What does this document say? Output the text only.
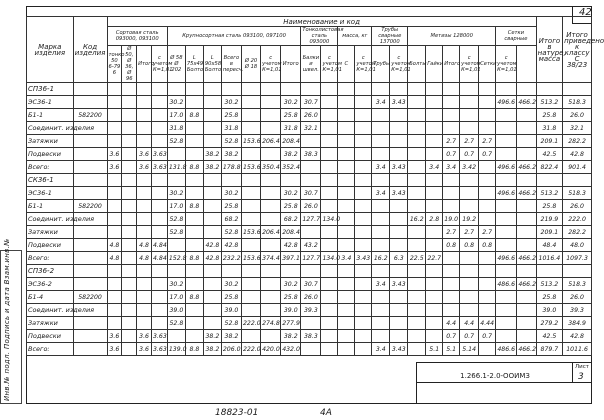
Инв.№ подл. Подпись и дата Взам.инв.№
42
Марка изделия	Код изделия	Наименование и код																								Итого в натуре, масса	Итого приведено к классу С 38/23
		Сортовая сталь 093000, 093100				Крупносортная сталь 093100, 097100							Тонколистовая сталь 093000		масса, кг		Трубы сварные 137000		Метизы 128000					Сетки сварные			
		тонко 50 6-79 6	Ø 50, Ø 36, Ø 96	Итого	с учетом К=1,01	Ø 58 Ø 202	L 75х49 Болто	L 90х58 Болто	Всего в пересч.	Ø 20 Ø 18	с учетом К=1,01	Итого	Балки и швел.	с учетом К=1,01	С	с учетом К=1,01	Трубы	с учетом К=1,01	Болты	Гайки	Итого	с учетом К=1,01	Сетки	с учетом К=1,01			
СП36-1																											
ЭС36-1						30.2			30.2			30.2	30.7				3.4	3.43						496.6	466.2	513.2	518.3
Б1-1	582200					17.0	8.8		25.8			25.8	26.0													25.8	26.0
Соединит. изделия						31.8			31.8			31.8	32.1													31.8	32.1
Затяжки						52.8			52.8	153.6	206.4	208.4									2.7	2.7	2.7			209.1	282.2
Подвески		3.6		3.6	3.63			38.2	38.2			38.2	38.3								0.7	0.7	0.7			42.5	42.8
Всего:		3.6		3.6	3.63	131.8	8.8	38.2	178.8	153.6	350.4	352.4					3.4	3.43		3.4	3.4	3.42		496.6	466.2	822.4	901.4
СК36-1																											
ЭС36-1						30.2			30.2			30.2	30.7				3.4	3.43						496.6	466.2	513.2	518.3
Б1-1	582200					17.0	8.8		25.8			25.8	26.0													25.8	26.0
Соединит. изделия						52.8			68.2			68.2	127.7	134.0					16.2	2.8	19.0	19.2				219.9	222.0
Затяжки						52.8			52.8	153.6	206.4	208.4									2.7	2.7	2.7			209.1	282.2
Подвески		4.8		4.8	4.84			42.8	42.8			42.8	43.2								0.8	0.8	0.8			48.4	48.0
Всего:		4.8		4.8	4.84	152.8	8.8	42.8	232.2	153.6	374.4	397.1	127.7	134.0	3.4	3.43	16.2	6.3	22.5	22.7				496.6	466.2	1016.4	1097.3
СП36-2																											
ЭС36-2						30.2			30.2			30.2	30.7				3.4	3.43						486.6	466.2	513.2	518.3
Б1-4	582200					17.0	8.8		25.8			25.8	26.0													25.8	26.0
Соединит. изделия						39.0			39.0			39.0	39.3													39.0	39.3
Затяжки						52.8			52.8	222.0	274.8	277.9									4.4	4.4	4.44			279.2	384.9
Подвески		3.6		3.6	3.63			38.2	38.2			38.2	38.3								0.7	0.7	0.7			42.5	42.8
Всего:		3.6		3.6	3.63	139.0	8.8	38.2	206.0	222.0	420.0	432.0					3.4	3.43		5.1	5.1	5.14		486.6	466.2	879.7	1011.6
1.266.1-2.0-ООИМЗ
Лист
3
18823-01	4А
